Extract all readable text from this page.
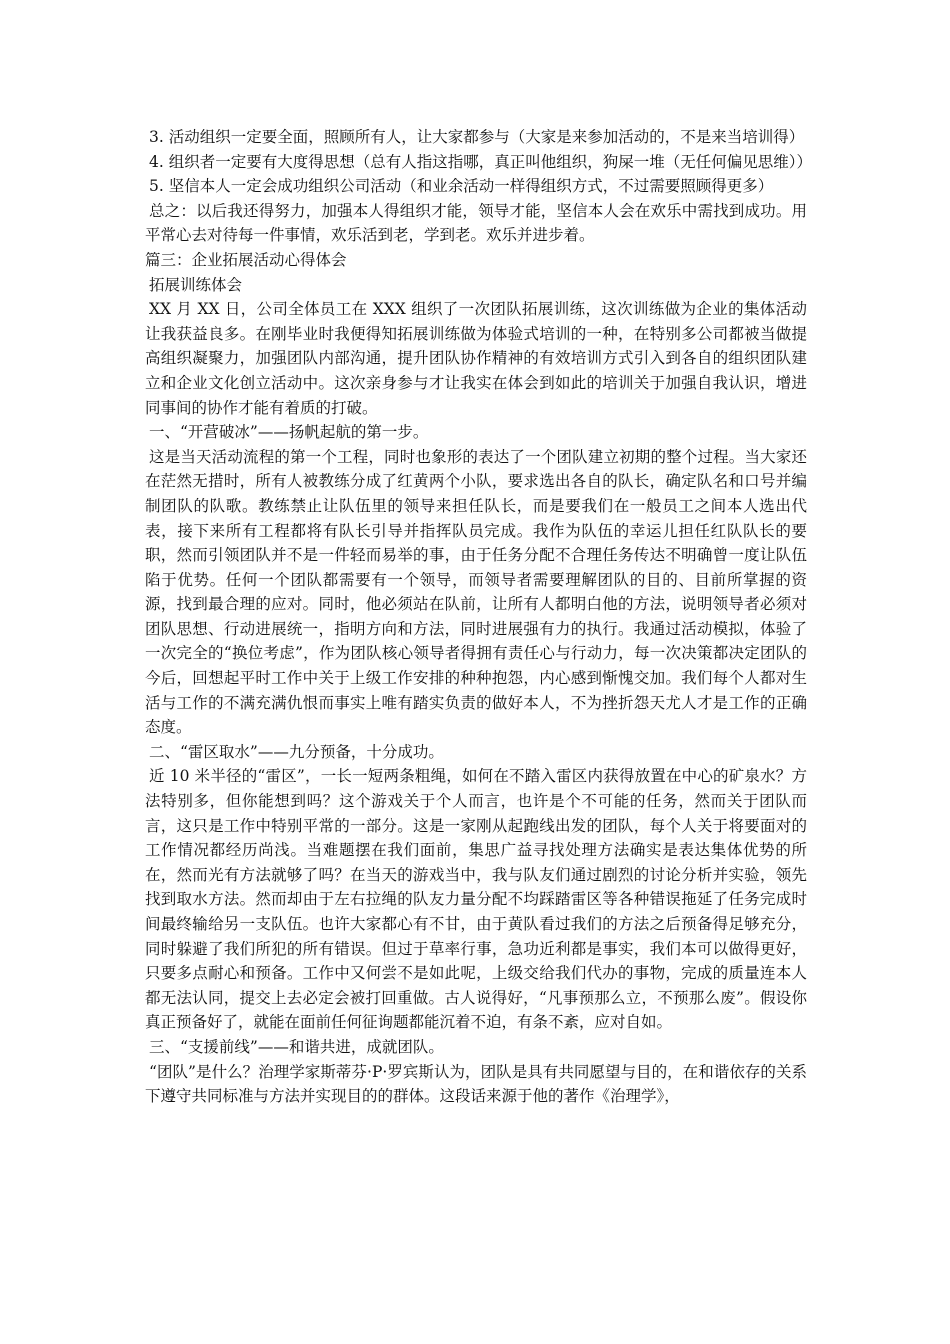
3. 活动组织一定要全面，照顾所有人，让大家都参与（大家是来参加活动的，不是来当培训得）

4. 组织者一定要有大度得思想（总有人指这指哪，真正叫他组织，狗屎一堆（无任何偏见思维））

5. 坚信本人一定会成功组织公司活动（和业余活动一样得组织方式，不过需要照顾得更多）

总之：以后我还得努力，加强本人得组织才能，领导才能，坚信本人会在欢乐中需找到成功。用平常心去对待每一件事情，欢乐活到老，学到老。欢乐并进步着。

篇三：企业拓展活动心得体会

拓展训练体会

XX 月 XX 日，公司全体员工在 XXX 组织了一次团队拓展训练，这次训练做为企业的集体活动让我获益良多。在刚毕业时我便得知拓展训练做为体验式培训的一种，在特别多公司都被当做提高组织凝聚力，加强团队内部沟通，提升团队协作精神的有效培训方式引入到各自的组织团队建立和企业文化创立活动中。这次亲身参与才让我实在体会到如此的培训关于加强自我认识，增进同事间的协作才能有着质的打破。

一、“开营破冰”——扬帆起航的第一步。

这是当天活动流程的第一个工程，同时也象形的表达了一个团队建立初期的整个过程。当大家还在茫然无措时，所有人被教练分成了红黄两个小队，要求选出各自的队长，确定队名和口号并编制团队的队歌。教练禁止让队伍里的领导来担任队长，而是要我们在一般员工之间本人选出代表，接下来所有工程都将有队长引导并指挥队员完成。我作为队伍的幸运儿担任红队队长的要职，然而引领团队并不是一件轻而易举的事，由于任务分配不合理任务传达不明确曾一度让队伍陷于优势。任何一个团队都需要有一个领导，而领导者需要理解团队的目的、目前所掌握的资源，找到最合理的应对。同时，他必须站在队前，让所有人都明白他的方法，说明领导者必须对团队思想、行动进展统一，指明方向和方法，同时进展强有力的执行。我通过活动模拟，体验了一次完全的“换位考虑”，作为团队核心领导者得拥有责任心与行动力，每一次决策都决定团队的今后，回想起平时工作中关于上级工作安排的种种抱怨，内心感到惭愧交加。我们每个人都对生活与工作的不满充满仇恨而事实上唯有踏实负责的做好本人，不为挫折怨天尤人才是工作的正确态度。

二、“雷区取水”——九分预备，十分成功。

近 10 米半径的“雷区”，一长一短两条粗绳，如何在不踏入雷区内获得放置在中心的矿泉水？方法特别多，但你能想到吗？这个游戏关于个人而言，也许是个不可能的任务，然而关于团队而言，这只是工作中特别平常的一部分。这是一家刚从起跑线出发的团队，每个人关于将要面对的工作情况都经历尚浅。当难题摆在我们面前，集思广益寻找处理方法确实是表达集体优势的所在，然而光有方法就够了吗？在当天的游戏当中，我与队友们通过剧烈的讨论分析并实验，领先找到取水方法。然而却由于左右拉绳的队友力量分配不均踩踏雷区等各种错误拖延了任务完成时间最终输给另一支队伍。也许大家都心有不甘，由于黄队看过我们的方法之后预备得足够充分，同时躲避了我们所犯的所有错误。但过于草率行事，急功近利都是事实，我们本可以做得更好，只要多点耐心和预备。工作中又何尝不是如此呢，上级交给我们代办的事物，完成的质量连本人都无法认同，提交上去必定会被打回重做。古人说得好，“凡事预那么立，不预那么废”。假设你真正预备好了，就能在面前任何征询题都能沉着不迫，有条不紊，应对自如。

三、“支援前线”——和谐共进，成就团队。

“团队”是什么？治理学家斯蒂芬·P·罗宾斯认为，团队是具有共同愿望与目的，在和谐依存的关系下遵守共同标准与方法并实现目的的群体。这段话来源于他的著作《治理学》，
